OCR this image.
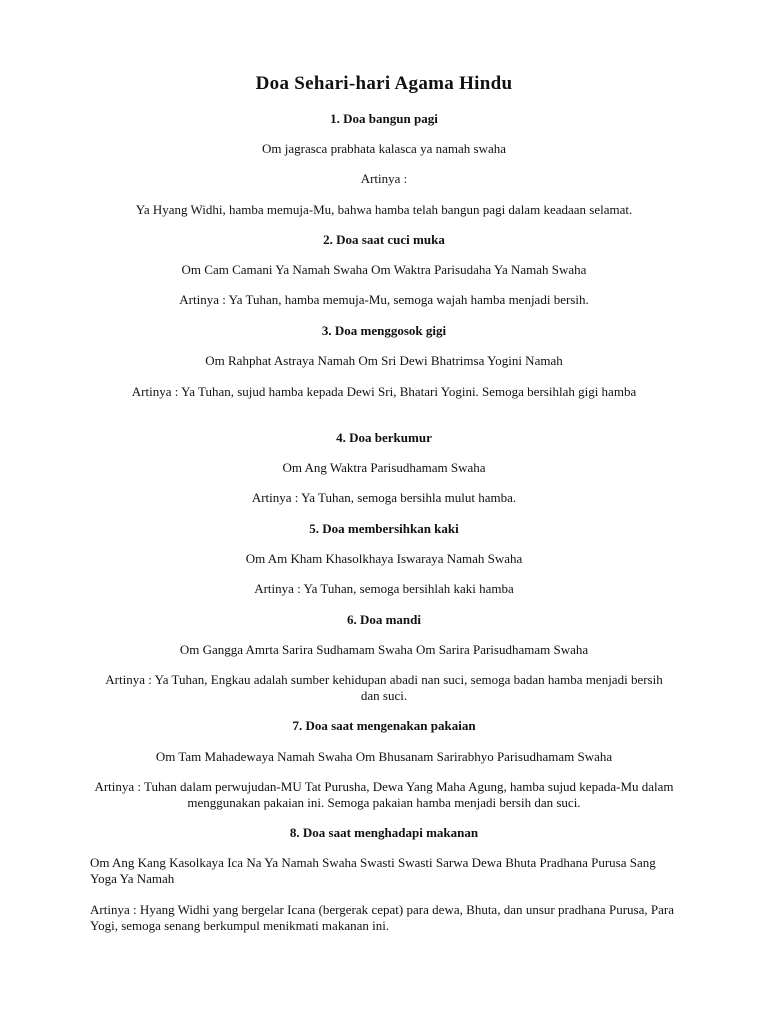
Doa Sehari-hari Agama Hindu
1. Doa bangun pagi
Om jagrasca prabhata kalasca ya namah swaha
Artinya :
Ya Hyang Widhi, hamba memuja-Mu, bahwa hamba telah bangun pagi dalam keadaan selamat.
2. Doa saat cuci muka
Om Cam Camani Ya Namah Swaha Om Waktra Parisudaha Ya Namah Swaha
Artinya : Ya Tuhan, hamba memuja-Mu, semoga wajah hamba menjadi bersih.
3. Doa menggosok gigi
Om Rahphat Astraya Namah Om Sri Dewi Bhatrimsa Yogini Namah
Artinya : Ya Tuhan, sujud hamba kepada Dewi Sri, Bhatari Yogini. Semoga bersihlah gigi hamba
4. Doa berkumur
Om Ang Waktra Parisudhamam Swaha
Artinya : Ya Tuhan, semoga bersihla mulut hamba.
5. Doa membersihkan kaki
Om Am Kham Khasolkhaya Iswaraya Namah Swaha
Artinya : Ya Tuhan, semoga bersihlah kaki hamba
6. Doa mandi
Om Gangga Amrta Sarira Sudhamam Swaha Om Sarira Parisudhamam Swaha
Artinya : Ya Tuhan, Engkau adalah sumber kehidupan abadi nan suci, semoga badan hamba menjadi bersih dan suci.
7. Doa saat mengenakan pakaian
Om Tam Mahadewaya Namah Swaha Om Bhusanam Sarirabhyo Parisudhamam Swaha
Artinya : Tuhan dalam perwujudan-MU Tat Purusha, Dewa Yang Maha Agung, hamba sujud kepada-Mu dalam menggunakan pakaian ini. Semoga pakaian hamba menjadi bersih dan suci.
8. Doa saat menghadapi makanan
Om Ang Kang Kasolkaya Ica Na Ya Namah Swaha Swasti Swasti Sarwa Dewa Bhuta Pradhana Purusa Sang Yoga Ya Namah
Artinya : Hyang Widhi yang bergelar Icana (bergerak cepat) para dewa, Bhuta, dan unsur pradhana Purusa, Para Yogi, semoga senang berkumpul menikmati makanan ini.
